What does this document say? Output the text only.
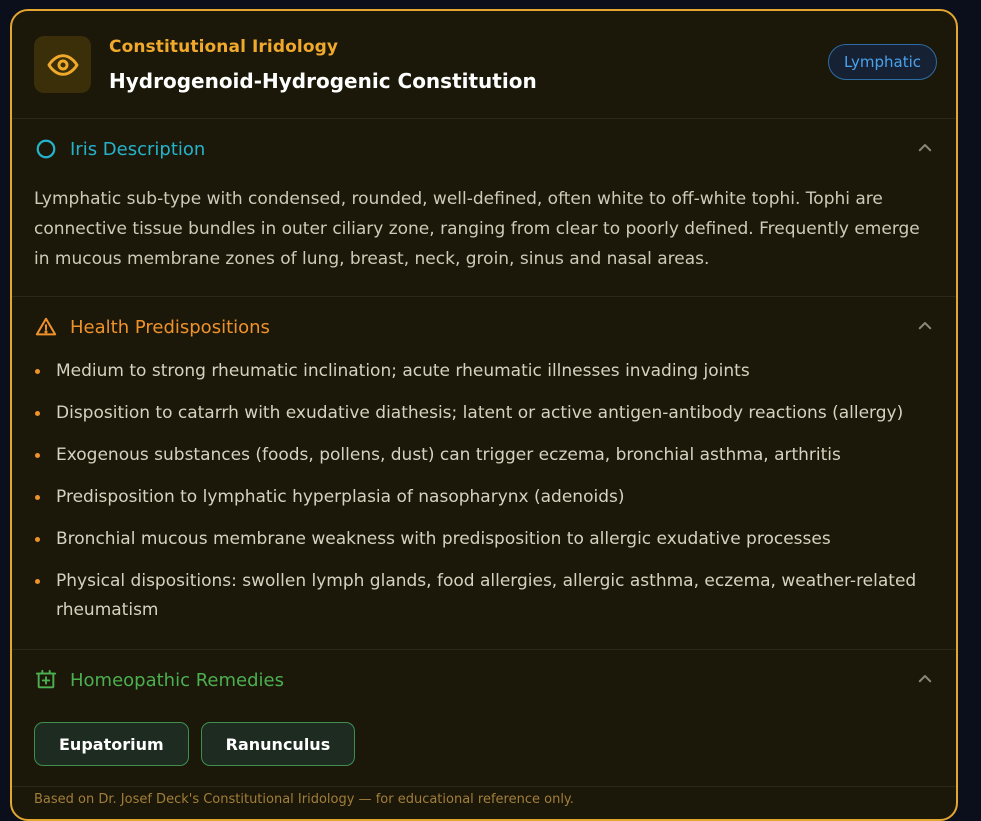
Constitutional Iridology
Hydrogenoid-Hydrogenic Constitution
Lymphatic
Iris Description

Lymphatic sub-type with condensed, rounded, well-defined, often white to off-white tophi. Tophi are connective tissue bundles in outer ciliary zone, ranging from clear to poorly defined. Frequently emerge in mucous membrane zones of lung, breast, neck, groin, sinus and nasal areas.

Health Predispositions
Medium to strong rheumatic inclination; acute rheumatic illnesses invading joints
Disposition to catarrh with exudative diathesis; latent or active antigen-antibody reactions (allergy)
Exogenous substances (foods, pollens, dust) can trigger eczema, bronchial asthma, arthritis
Predisposition to lymphatic hyperplasia of nasopharynx (adenoids)
Bronchial mucous membrane weakness with predisposition to allergic exudative processes
Physical dispositions: swollen lymph glands, food allergies, allergic asthma, eczema, weather-related rheumatism
Homeopathic Remedies
Eupatorium	Ranunculus
Based on Dr. Josef Deck's Constitutional Iridology — for educational reference only.
